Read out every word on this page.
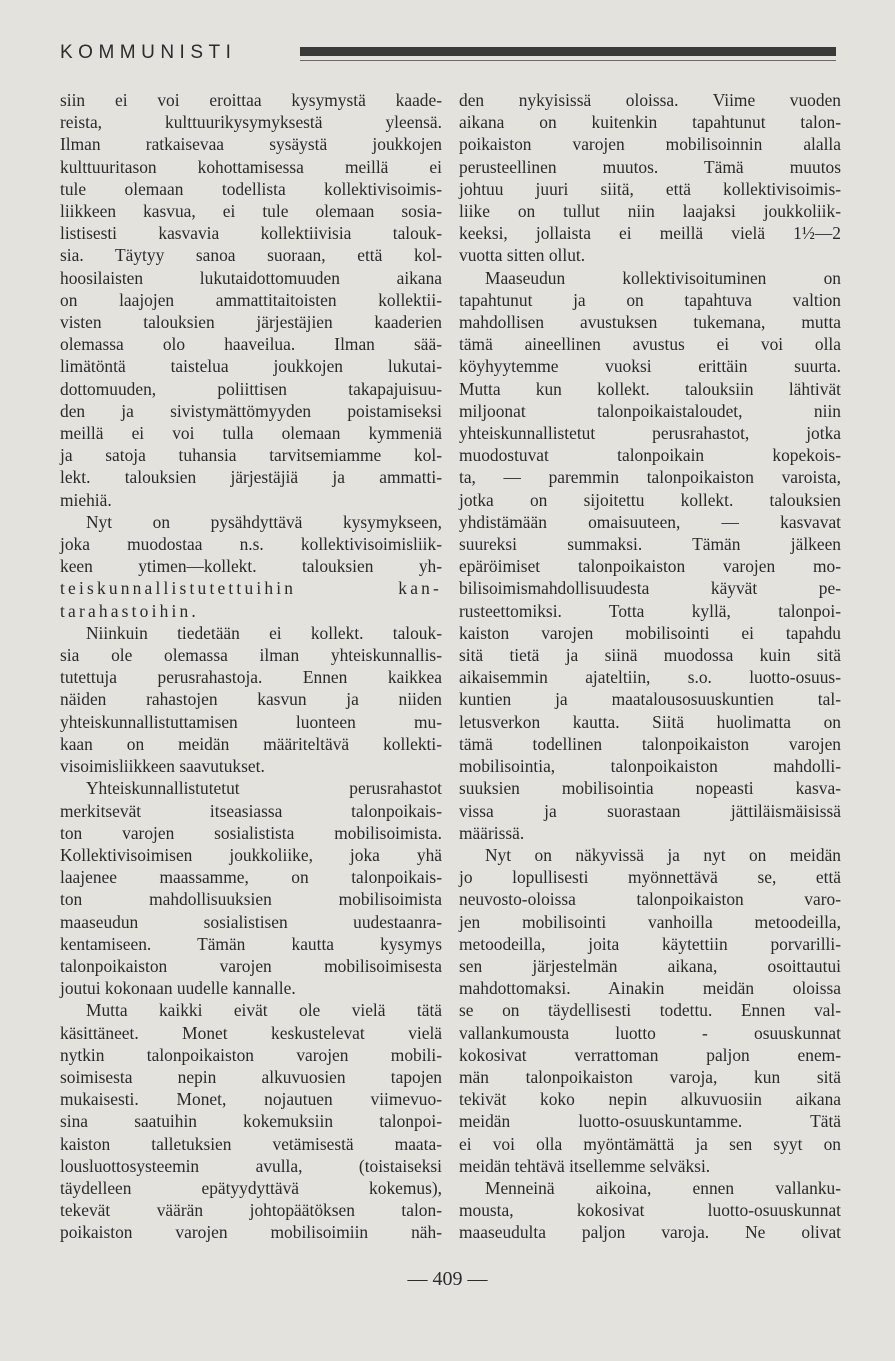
KOMMUNISTI
siin ei voi eroittaa kysymystä kaade-
reista, kulttuurikysymyksestä yleensä.
Ilman ratkaisevaa sysäystä joukkojen
kulttuuritason kohottamisessa meillä ei
tule olemaan todellista kollektivisoimis-
liikkeen kasvua, ei tule olemaan sosia-
listisesti kasvavia kollektiivisia talouk-
sia. Täytyy sanoa suoraan, että kol-
hoosilaisten lukutaidottomuuden aikana
on laajojen ammattitaitoisten kollektii-
visten talouksien järjestäjien kaaderien
olemassa olo haaveilua. Ilman sää-
limätöntä taistelua joukkojen lukutai-
dottomuuden, poliittisen takapajuisuu-
den ja sivistymättömyyden poistamiseksi
meillä ei voi tulla olemaan kymmeniä
ja satoja tuhansia tarvitsemiamme kol-
lekt. talouksien järjestäjiä ja ammatti-
miehiä.
Nyt on pysähdyttävä kysymykseen,
joka muodostaa n.s. kollektivisoimisliik-
keen ytimen—kollekt. talouksien yh-
teiskunnallistutettuihin kan-
tarahastoihin.
Niinkuin tiedetään ei kollekt. talouk-
sia ole olemassa ilman yhteiskunnallis-
tutettuja perusrahastoja. Ennen kaikkea
näiden rahastojen kasvun ja niiden
yhteiskunnallistuttamisen luonteen mu-
kaan on meidän määriteltävä kollekti-
visoimisliikkeen saavutukset.
Yhteiskunnallistutetut perusrahastot
merkitsevät itseasiassa talonpoikais-
ton varojen sosialistista mobilisoimista.
Kollektivisoimisen joukkoliike, joka yhä
laajenee maassamme, on talonpoikais-
ton mahdollisuuksien mobilisoimista
maaseudun sosialistisen uudestaanra-
kentamiseen. Tämän kautta kysymys
talonpoikaiston varojen mobilisoimisesta
joutui kokonaan uudelle kannalle.
Mutta kaikki eivät ole vielä tätä
käsittäneet. Monet keskustelevat vielä
nytkin talonpoikaiston varojen mobili-
soimisesta nepin alkuvuosien tapojen
mukaisesti. Monet, nojautuen viimevuo-
sina saatuihin kokemuksiin talonpoi-
kaiston talletuksien vetämisestä maata-
lousluottosysteemin avulla, (toistaiseksi
täydelleen epätyydyttävä kokemus),
tekevät väärän johtopäätöksen talon-
poikaiston varojen mobilisoimiin näh-
den nykyisissä oloissa. Viime vuoden
aikana on kuitenkin tapahtunut talon-
poikaiston varojen mobilisoinnin alalla
perusteellinen muutos. Tämä muutos
johtuu juuri siitä, että kollektivisoimis-
liike on tullut niin laajaksi joukkoliik-
keeksi, jollaista ei meillä vielä 1½—2
vuotta sitten ollut.
Maaseudun kollektivisoituminen on
tapahtunut ja on tapahtuva valtion
mahdollisen avustuksen tukemana, mutta
tämä aineellinen avustus ei voi olla
köyhyytemme vuoksi erittäin suurta.
Mutta kun kollekt. talouksiin lähtivät
miljoonat talonpoikaistaloudet, niin
yhteiskunnallistetut perusrahastot, jotka
muodostuvat talonpoikain kopekois-
ta, — paremmin talonpoikaiston varoista,
jotka on sijoitettu kollekt. talouksien
yhdistämään omaisuuteen, — kasvavat
suureksi summaksi. Tämän jälkeen
epäröimiset talonpoikaiston varojen mo-
bilisoimismahdollisuudesta käyvät pe-
rusteettomiksi. Totta kyllä, talonpoi-
kaiston varojen mobilisointi ei tapahdu
sitä tietä ja siinä muodossa kuin sitä
aikaisemmin ajateltiin, s.o. luotto-osuus-
kuntien ja maatalousosuuskuntien tal-
letusverkon kautta. Siitä huolimatta on
tämä todellinen talonpoikaiston varojen
mobilisointia, talonpoikaiston mahdolli-
suuksien mobilisointia nopeasti kasva-
vissa ja suorastaan jättiläismäisissä
määrissä.
Nyt on näkyvissä ja nyt on meidän
jo lopullisesti myönnettävä se, että
neuvosto-oloissa talonpoikaiston varo-
jen mobilisointi vanhoilla metoodeilla,
metoodeilla, joita käytettiin porvarilli-
sen järjestelmän aikana, osoittautui
mahdottomaksi. Ainakin meidän oloissa
se on täydellisesti todettu. Ennen val-
vallankumousta luotto - osuuskunnat
kokosivat verrattoman paljon enem-
män talonpoikaiston varoja, kun sitä
tekivät koko nepin alkuvuosiin aikana
meidän luotto-osuuskuntamme. Tätä
ei voi olla myöntämättä ja sen syyt on
meidän tehtävä itsellemme selväksi.
Menneinä aikoina, ennen vallanku-
mousta, kokosivat luotto-osuuskunnat
maaseudulta paljon varoja. Ne olivat
— 409 —
